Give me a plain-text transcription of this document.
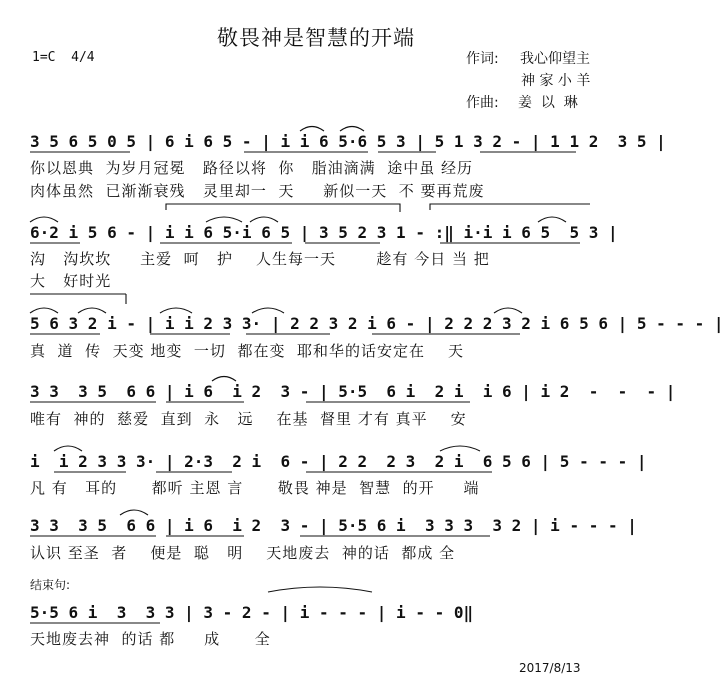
敬畏神是智慧的开端
1=C  4/4	作词: 我心仰望主
神 家 小 羊
作曲: 姜  以  琳
3 5 6 5 0 5 | 6 i 6 5 - | i i 6 5·6 5 3 | 5 1 3 2 - | 1 1 2  3 5 |
你以恩典  为岁月冠冕   路径以将  你   脂油滴满  途中虽 经历
肉体虽然  已渐渐衰残   灵里却一  天     新似一天  不 要再荒废
6·2 i 5 6 - | i i 6 5·i 6 5 | 3 5 2 3 1 - :‖ i·i i 6 5  5 3 |
沟   沟坎坎     主爱  呵   护    人生每一天       趁有 今日 当 把
大   好时光
5 6 3 2 i - | i i 2 3 3· | 2 2 3 2 i 6 - | 2 2 2 3 2 i 6 5 6 | 5 - - - |
真  道  传  天变 地变  一切  都在变  耶和华的话安定在    天
3 3  3 5  6 6 | i 6  i 2  3 - | 5·5  6 i  2 i  i 6 | i 2  -  -  - |
唯有  神的  慈爱  直到  永   远    在基  督里 才有 真平    安
i  i 2 3 3 3· | 2·3  2 i  6 - | 2 2  2 3  2 i  6 5 6 | 5 - - - |
凡 有   耳的      都听 主恩 言      敬畏 神是  智慧  的开     端
3 3  3 5  6 6 | i 6  i 2  3 - | 5·5 6 i  3 3 3  3 2 | i - - - |
认识 至圣  者    便是  聪   明    天地废去  神的话  都成 全
结束句:
5·5 6 i  3  3 3 | 3 - 2 - | i - - - | i - - 0‖
天地废去神  的话 都     成      全
2017/8/13
